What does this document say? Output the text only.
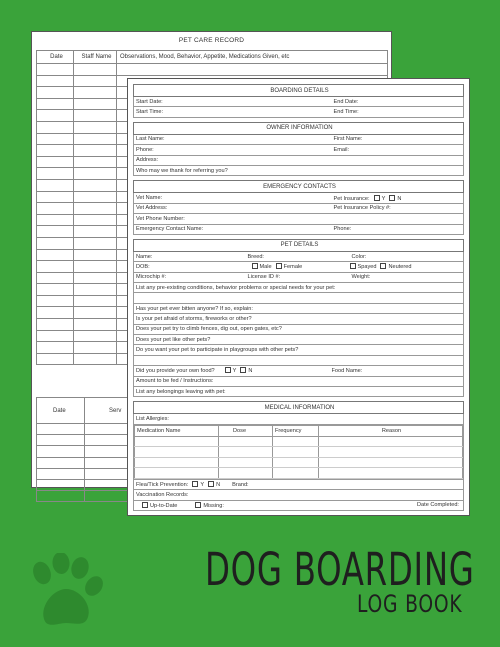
PET CARE RECORD
Date	Staff Name	Observations, Mood, Behavior, Appetite, Medications Given, etc

Date	Serv

BOARDING DETAILS
Start Date:	End Date:
Start Time:	End Time:

OWNER INFORMATION
Last Name:	First Name:
Phone:	Email:
Address:
Who may we thank for referring you?

EMERGENCY CONTACTS
Vet Name:	Pet Insurance: Y N
Vet Address:	Pet Insurance Policy #:
Vet Phone Number:
Emergency Contact Name:	Phone:

PET DETAILS
Name:	Breed:	Color:
DOB:	Male Female	Spayed Neutered
Microchip #:	License ID #:	Weight:
List any pre-existing conditions, behavior problems or special needs for your pet:

Has your pet ever bitten anyone? If so, explain:
Is your pet afraid of storms, fireworks or other?
Does your pet try to climb fences, dig out, open gates, etc?
Does your pet like other pets?
Do you want your pet to participate in playgroups with other pets?

Did you provide your own food?	Y N	Food Name:
Amount to be fed / Instructions:
List any belongings leaving with pet:

MEDICAL INFORMATION
List Allergies:

Medication Name	Dose	Frequency	Reason

Flea/Tick Prevention: Y N Brand:	
Vaccination Records:
Up-to-Date	Missing:	Date Completed:
DOG BOARDING
LOG BOOK
